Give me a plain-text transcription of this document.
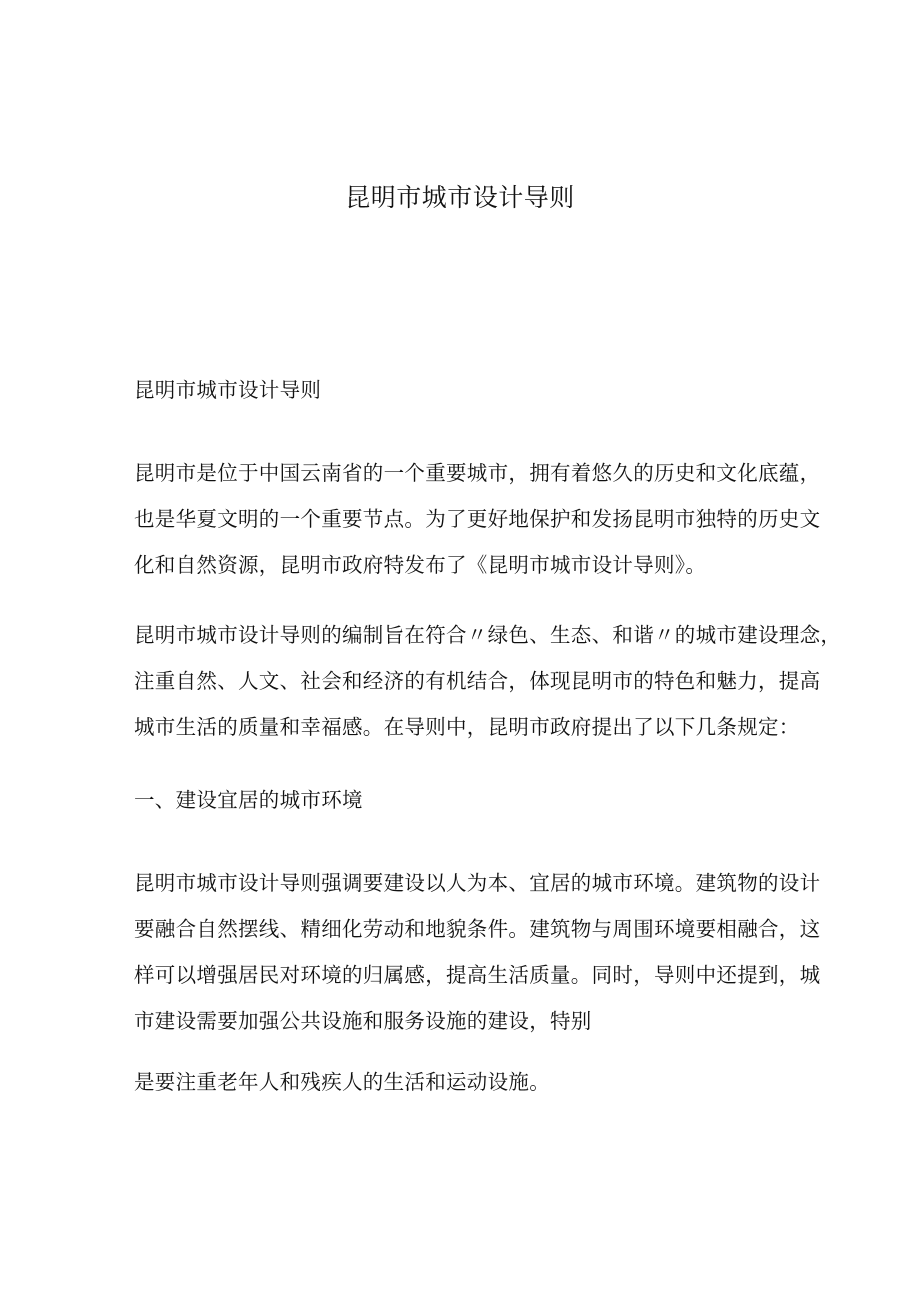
昆明市城市设计导则

昆明市城市设计导则

昆明市是位于中国云南省的一个重要城市，拥有着悠久的历史和文化底蕴，
也是华夏文明的一个重要节点。为了更好地保护和发扬昆明市独特的历史文
化和自然资源，昆明市政府特发布了《昆明市城市设计导则》。

昆明市城市设计导则的编制旨在符合〃绿色、生态、和谐〃的城市建设理念，
注重自然、人文、社会和经济的有机结合，体现昆明市的特色和魅力，提高
城市生活的质量和幸福感。在导则中，昆明市政府提出了以下几条规定：

一、建设宜居的城市环境

昆明市城市设计导则强调要建设以人为本、宜居的城市环境。建筑物的设计
要融合自然摆线、精细化劳动和地貌条件。建筑物与周围环境要相融合，这
样可以增强居民对环境的归属感，提高生活质量。同时，导则中还提到，城
市建设需要加强公共设施和服务设施的建设，特别

是要注重老年人和残疾人的生活和运动设施。
